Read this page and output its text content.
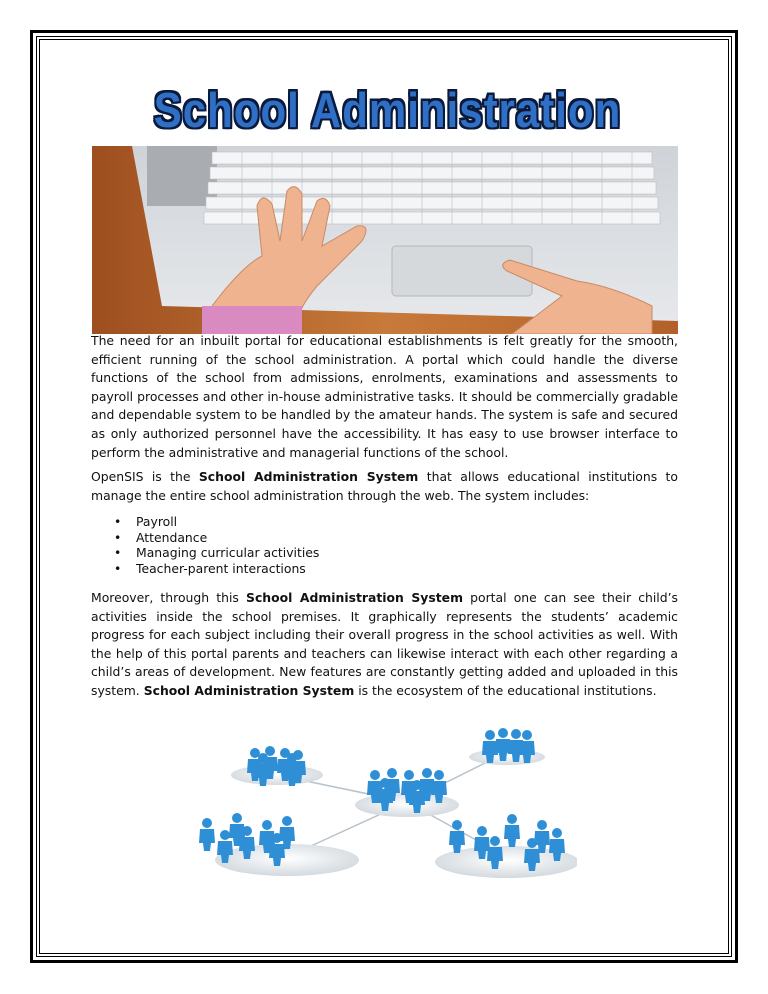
School Administration
The need for an inbuilt portal for educational establishments is felt greatly for the smooth, efficient running of the school administration. A portal which could handle the diverse functions of the school from admissions, enrolments, examinations and assessments to payroll processes and other in-house administrative tasks. It should be commercially gradable and dependable system to be handled by the amateur hands. The system is safe and secured as only authorized personnel have the accessibility. It has easy to use browser interface to perform the administrative and managerial functions of the school.
OpenSIS is the School Administration System that allows educational institutions to manage the entire school administration through the web. The system includes:
• Payroll
• Attendance
• Managing curricular activities
• Teacher-parent interactions
Moreover, through this School Administration System portal one can see their child’s activities inside the school premises. It graphically represents the students’ academic progress for each subject including their overall progress in the school activities as well. With the help of this portal parents and teachers can likewise interact with each other regarding a child’s areas of development. New features are constantly getting added and uploaded in this system. School Administration System is the ecosystem of the educational institutions.
